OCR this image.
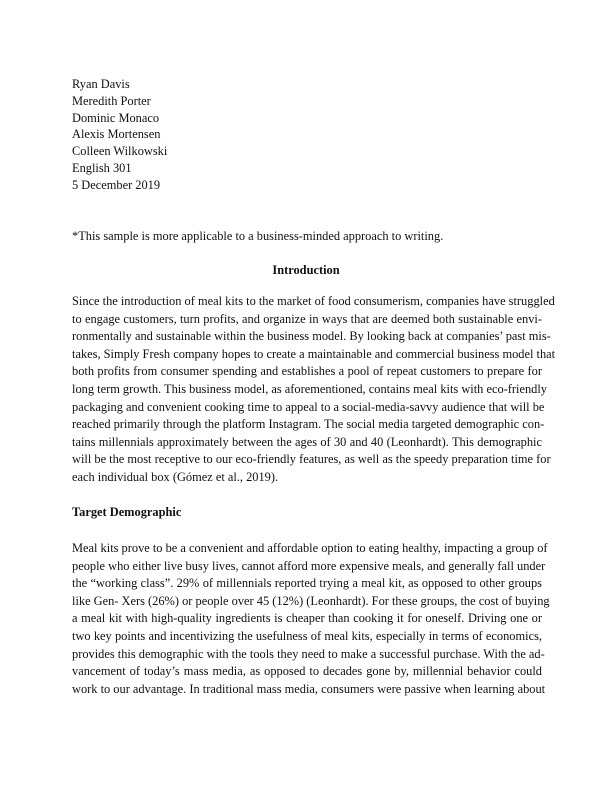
Ryan Davis
Meredith Porter
Dominic Monaco
Alexis Mortensen
Colleen Wilkowski
English 301
5 December 2019
*This sample is more applicable to a business-minded approach to writing.
Introduction
Since the introduction of meal kits to the market of food consumerism, companies have struggled
to engage customers, turn profits, and organize in ways that are deemed both sustainable envi-
ronmentally and sustainable within the business model. By looking back at companies’ past mis-
takes, Simply Fresh company hopes to create a maintainable and commercial business model that
both profits from consumer spending and establishes a pool of repeat customers to prepare for
long term growth. This business model, as aforementioned, contains meal kits with eco-friendly
packaging and convenient cooking time to appeal to a social-media-savvy audience that will be
reached primarily through the platform Instagram. The social media targeted demographic con-
tains millennials approximately between the ages of 30 and 40 (Leonhardt). This demographic
will be the most receptive to our eco-friendly features, as well as the speedy preparation time for
each individual box (Gómez et al., 2019).
Target Demographic
Meal kits prove to be a convenient and affordable option to eating healthy, impacting a group of
people who either live busy lives, cannot afford more expensive meals, and generally fall under
the “working class”. 29% of millennials reported trying a meal kit, as opposed to other groups
like Gen- Xers (26%) or people over 45 (12%) (Leonhardt). For these groups, the cost of buying
a meal kit with high-quality ingredients is cheaper than cooking it for oneself. Driving one or
two key points and incentivizing the usefulness of meal kits, especially in terms of economics,
provides this demographic with the tools they need to make a successful purchase. With the ad-
vancement of today’s mass media, as opposed to decades gone by, millennial behavior could
work to our advantage. In traditional mass media, consumers were passive when learning about
